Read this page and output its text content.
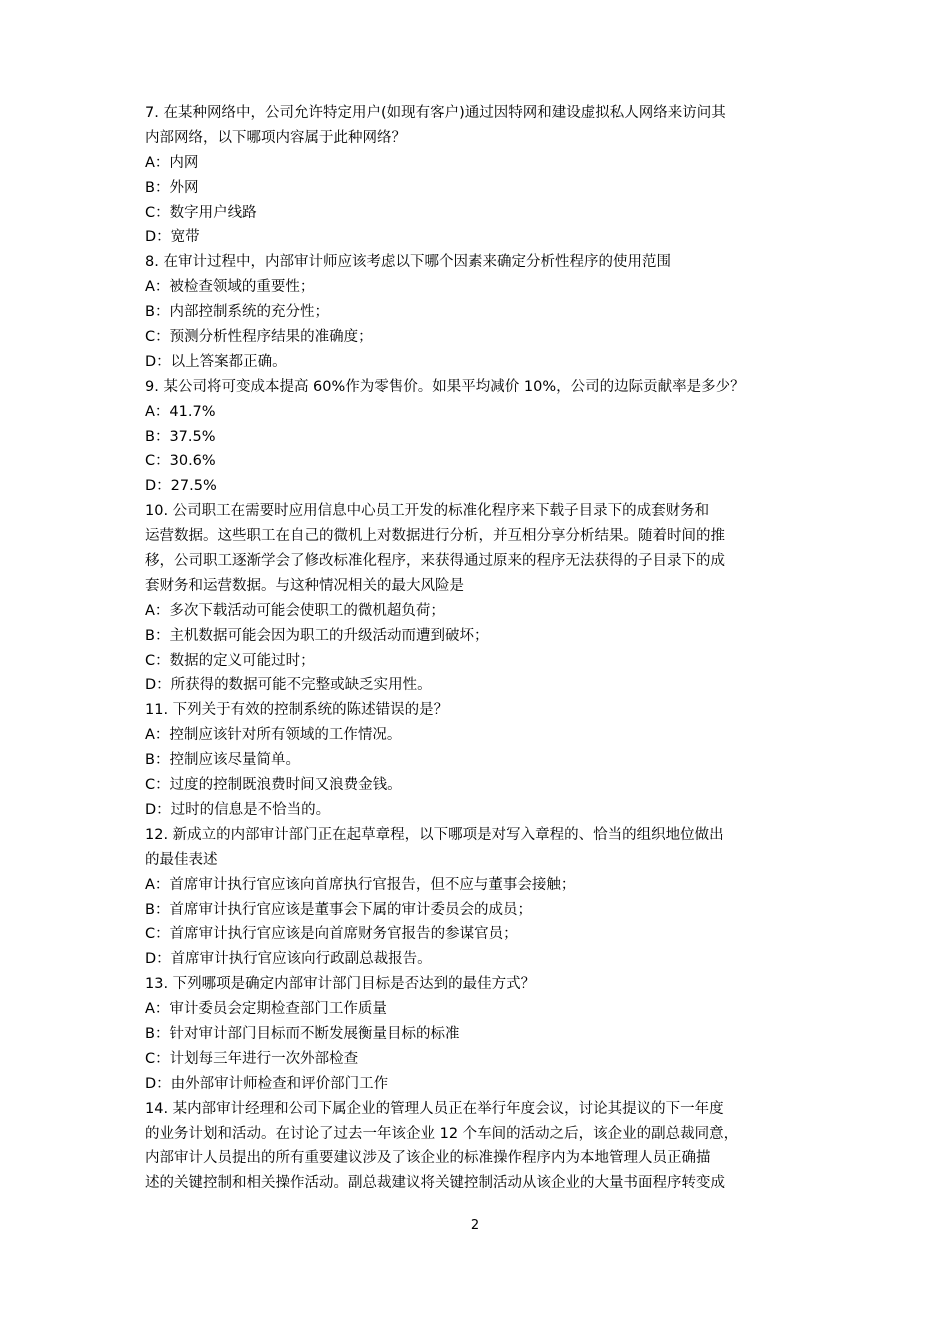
7. 在某种网络中，公司允许特定用户(如现有客户)通过因特网和建设虚拟私人网络来访问其
内部网络，以下哪项内容属于此种网络？
A：内网
B：外网
C：数字用户线路
D：宽带
8. 在审计过程中，内部审计师应该考虑以下哪个因素来确定分析性程序的使用范围
A：被检查领域的重要性；
B：内部控制系统的充分性；
C：预测分析性程序结果的准确度；
D：以上答案都正确。
9. 某公司将可变成本提高 60%作为零售价。如果平均减价 10%，公司的边际贡献率是多少？
A：41.7%
B：37.5%
C：30.6%
D：27.5%
10. 公司职工在需要时应用信息中心员工开发的标准化程序来下载子目录下的成套财务和
运营数据。这些职工在自己的微机上对数据进行分析，并互相分享分析结果。随着时间的推
移，公司职工逐渐学会了修改标准化程序，来获得通过原来的程序无法获得的子目录下的成
套财务和运营数据。与这种情况相关的最大风险是
A：多次下载活动可能会使职工的微机超负荷；
B：主机数据可能会因为职工的升级活动而遭到破坏；
C：数据的定义可能过时；
D：所获得的数据可能不完整或缺乏实用性。
11. 下列关于有效的控制系统的陈述错误的是？
A：控制应该针对所有领域的工作情况。
B：控制应该尽量简单。
C：过度的控制既浪费时间又浪费金钱。
D：过时的信息是不恰当的。
12. 新成立的内部审计部门正在起草章程，以下哪项是对写入章程的、恰当的组织地位做出
的最佳表述
A：首席审计执行官应该向首席执行官报告，但不应与董事会接触；
B：首席审计执行官应该是董事会下属的审计委员会的成员；
C：首席审计执行官应该是向首席财务官报告的参谋官员；
D：首席审计执行官应该向行政副总裁报告。
13. 下列哪项是确定内部审计部门目标是否达到的最佳方式？
A：审计委员会定期检查部门工作质量
B：针对审计部门目标而不断发展衡量目标的标准
C：计划每三年进行一次外部检查
D：由外部审计师检查和评价部门工作
14. 某内部审计经理和公司下属企业的管理人员正在举行年度会议，讨论其提议的下一年度
的业务计划和活动。在讨论了过去一年该企业 12 个车间的活动之后，该企业的副总裁同意，
内部审计人员提出的所有重要建议涉及了该企业的标准操作程序内为本地管理人员正确描
述的关键控制和相关操作活动。副总裁建议将关键控制活动从该企业的大量书面程序转变成
2
